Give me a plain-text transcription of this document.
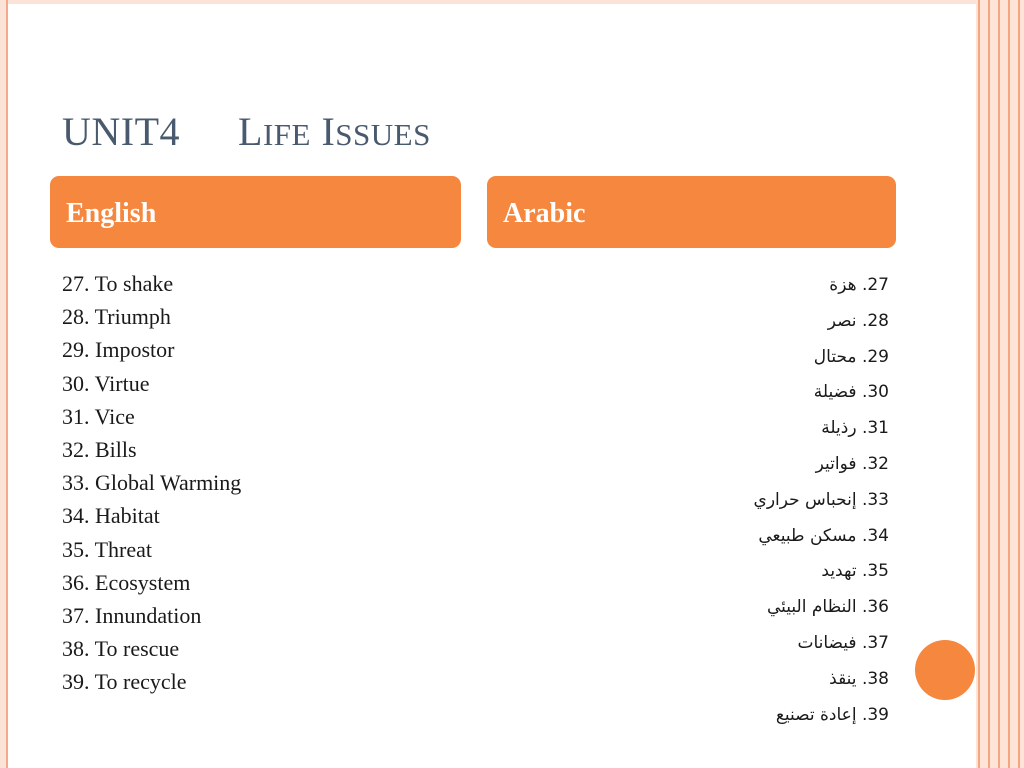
UNIT4 LIFE ISSUES
English	Arabic
27. To shake
28. Triumph
29. Impostor
30. Virtue
31. Vice
32. Bills
33. Global Warming
34. Habitat
35. Threat
36. Ecosystem
37. Innundation
38. To rescue
39. To recycle
27. هزة
28. نصر
29. محتال
30. فضيلة
31. رذيلة
32. فواتير
33. إنحباس حراري
34. مسكن طبيعي
35. تهديد
36. النظام البيئي
37. فيضانات
38. ينقذ
39. إعادة تصنيع
